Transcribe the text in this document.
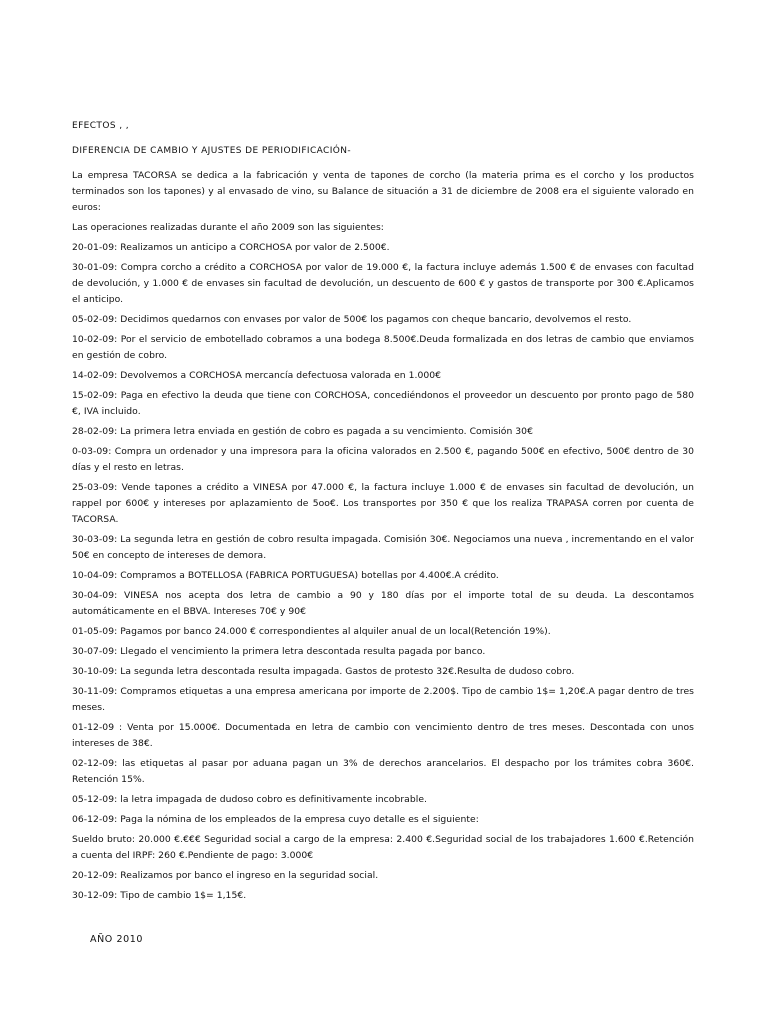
EFECTOS , ,

DIFERENCIA DE CAMBIO Y AJUSTES DE PERIODIFICACIÓN-

La empresa TACORSA se dedica a la fabricación y venta de tapones de corcho (la materia prima es el corcho y los productos terminados son los tapones) y al envasado de vino, su Balance de situación a 31 de diciembre de 2008 era el siguiente valorado en euros:

Las operaciones realizadas durante el año 2009 son las siguientes:

20-01-09: Realizamos un anticipo a CORCHOSA por valor de 2.500€.

30-01-09: Compra corcho a crédito a CORCHOSA por valor de 19.000 €, la factura incluye además 1.500 € de envases con facultad de devolución, y 1.000 € de envases sin facultad de devolución, un descuento de 600 € y gastos de transporte por 300 €.Aplicamos el anticipo.

05-02-09: Decidimos quedarnos con envases por valor de 500€ los pagamos con cheque bancario, devolvemos el resto.

10-02-09: Por el servicio de embotellado cobramos a una bodega 8.500€.Deuda formalizada en dos letras de cambio que enviamos en gestión de cobro.

14-02-09: Devolvemos a CORCHOSA mercancía defectuosa valorada en 1.000€

15-02-09: Paga en efectivo la deuda que tiene con CORCHOSA, concediéndonos el proveedor un descuento por pronto pago de 580 €, IVA incluido.

28-02-09: La primera letra enviada en gestión de cobro es pagada a su vencimiento. Comisión 30€

0-03-09: Compra un ordenador y una impresora para la oficina valorados en 2.500 €, pagando 500€ en efectivo, 500€ dentro de 30 días y el resto en letras.

25-03-09: Vende tapones a crédito a VINESA por 47.000 €, la factura incluye 1.000 € de envases sin facultad de devolución, un rappel por 600€ y intereses por aplazamiento de 5oo€. Los transportes por 350 € que los realiza TRAPASA corren por cuenta de TACORSA.

30-03-09: La segunda letra en gestión de cobro resulta impagada. Comisión 30€. Negociamos una nueva , incrementando en el valor 50€ en concepto de intereses de demora.

10-04-09: Compramos a BOTELLOSA (FABRICA PORTUGUESA) botellas por 4.400€.A crédito.

30-04-09: VINESA nos acepta dos letra de cambio a 90 y 180 días por el importe total de su deuda. La descontamos automáticamente en el BBVA. Intereses 70€ y 90€

01-05-09: Pagamos por banco 24.000 € correspondientes al alquiler anual de un local(Retención 19%).

30-07-09: Llegado el vencimiento la primera letra descontada resulta pagada por banco.

30-10-09: La segunda letra descontada resulta impagada. Gastos de protesto 32€.Resulta de dudoso cobro.

30-11-09: Compramos etiquetas a una empresa americana por importe de 2.200$. Tipo de cambio 1$= 1,20€.A pagar dentro de tres meses.

01-12-09 : Venta por 15.000€. Documentada en letra de cambio con vencimiento dentro de tres meses. Descontada con unos intereses de 38€.

02-12-09: las etiquetas al pasar por aduana pagan un 3% de derechos arancelarios. El despacho por los trámites cobra 360€. Retención 15%.

05-12-09: la letra impagada de dudoso cobro es definitivamente incobrable.

06-12-09: Paga la nómina de los empleados de la empresa cuyo detalle es el siguiente:

Sueldo bruto: 20.000 €.€€€ Seguridad social a cargo de la empresa: 2.400 €.Seguridad social de los trabajadores 1.600 €.Retención a cuenta del IRPF: 260 €.Pendiente de pago: 3.000€

20-12-09: Realizamos por banco el ingreso en la seguridad social.

30-12-09: Tipo de cambio 1$= 1,15€.

AÑO 2010
